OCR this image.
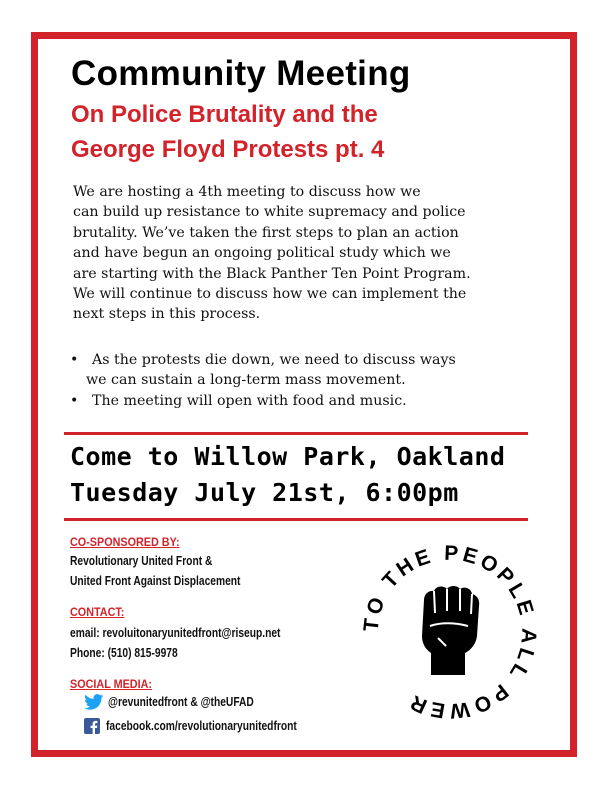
Community Meeting
On Police Brutality and the
George Floyd Protests pt. 4
We are hosting a 4th meeting to discuss how we
can build up resistance to white supremacy and police
brutality. We’ve taken the first steps to plan an action
and have begun an ongoing political study which we
are starting with the Black Panther Ten Point Program.
We will continue to discuss how we can implement the
next steps in this process.
• As the protests die down, we need to discuss ways
we can sustain a long-term mass movement.
• The meeting will open with food and music.
Come to Willow Park, Oakland
Tuesday July 21st, 6:00pm
CO-SPONSORED BY:
Revolutionary United Front &
United Front Against Displacement
CONTACT:
email: revoluitonaryunitedfront@riseup.net
Phone: (510) 815-9978
SOCIAL MEDIA:
@revunitedfront & @theUFAD
facebook.com/revolutionaryunitedfront
TO THE PEOPLE ALL POWER
